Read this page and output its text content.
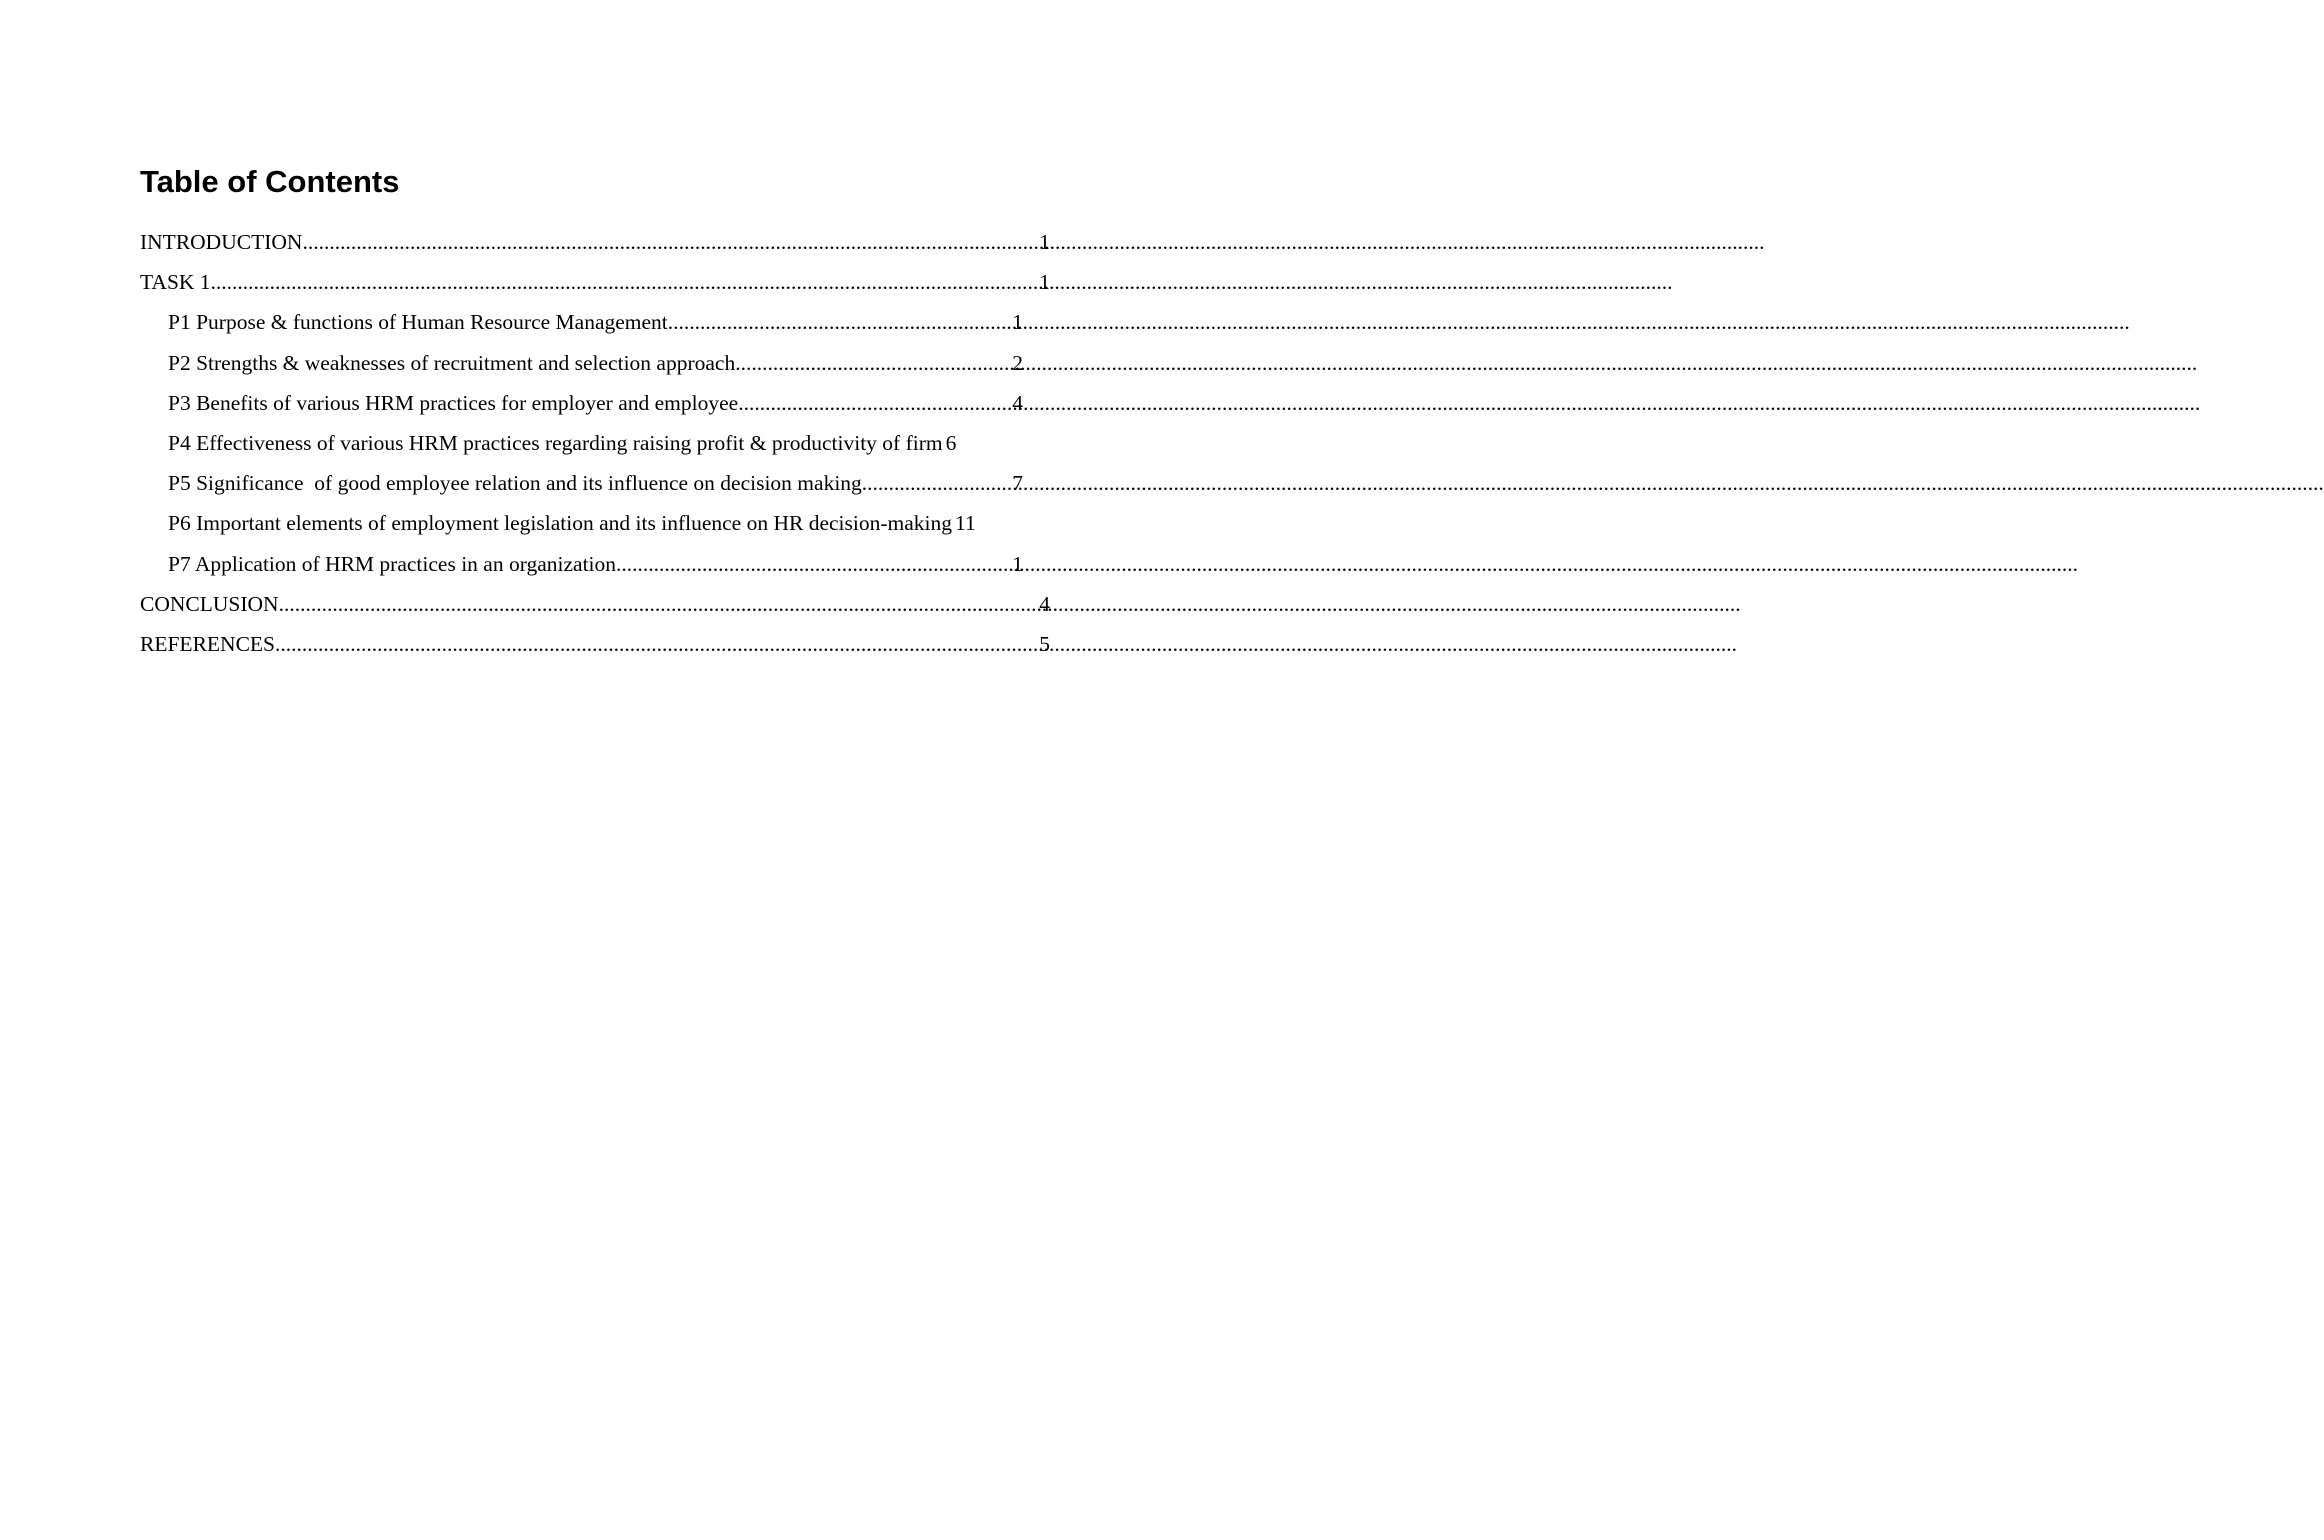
Table of Contents
INTRODUCTION .....	1
TASK 1 .....	1
P1 Purpose & functions of Human Resource Management .....	1
P2 Strengths & weaknesses of recruitment and selection approach .....	2
P3 Benefits of various HRM practices for employer and employee .....	4
P4 Effectiveness of various HRM practices regarding raising profit & productivity of firm 6
P5 Significance  of good employee relation and its influence on decision making .....	7
P6 Important elements of employment legislation and its influence on HR decision-making 11
P7 Application of HRM practices in an organization .....	1
CONCLUSION .....	4
REFERENCES .....	5
